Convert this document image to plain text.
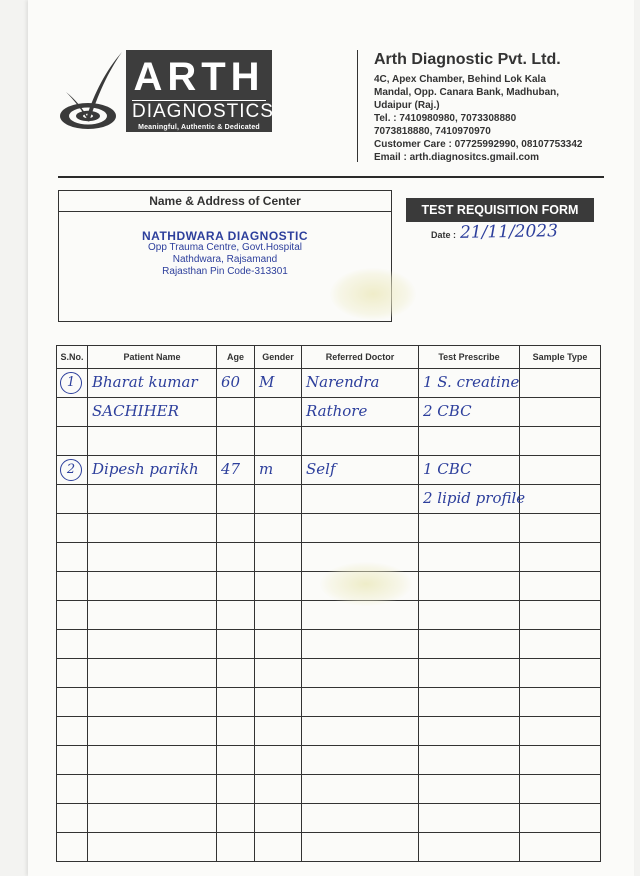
ARTH
DIAGNOSTICS
Meaningful, Authentic & Dedicated
Arth Diagnostic Pvt. Ltd.
4C, Apex Chamber, Behind Lok Kala
Mandal, Opp. Canara Bank, Madhuban,
Udaipur (Raj.)
Tel. : 7410980980, 7073308880
7073818880, 7410970970
Customer Care : 07725992990, 08107753342
Email : arth.diagnositcs.gmail.com
Name & Address of Center
NATHDWARA DIAGNOSTIC
Opp Trauma Centre, Govt.Hospital
Nathdwara, Rajsamand
Rajasthan Pin Code-313301
TEST REQUISITION FORM
Date : 21/11/2023
S.No.	Patient Name	Age	Gender	Referred Doctor	Test Prescribe	Sample Type

1	Bharat kumar	60	M	Narendra	1 S. creatine	

	SACHIHER			Rathore	2 CBC	

2	Dipesh parikh	47	m	Self	1 CBC	

					2 lipid profile	
